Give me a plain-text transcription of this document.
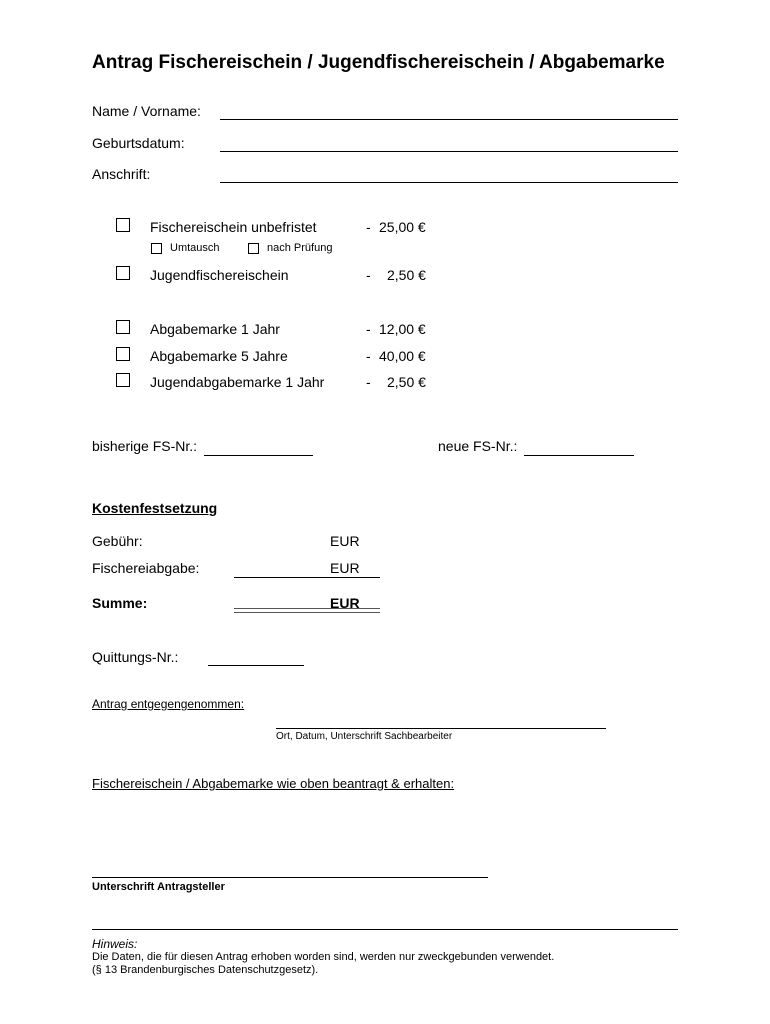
Antrag Fischereischein / Jugendfischereischein / Abgabemarke
Name / Vorname:
Geburtsdatum:
Anschrift:
Fischereischein unbefristet	- 25,00 €
Umtausch	nach Prüfung
Jugendfischereischein	- 2,50 €
Abgabemarke 1 Jahr	- 12,00 €
Abgabemarke 5 Jahre	- 40,00 €
Jugendabgabemarke 1 Jahr	- 2,50 €
bisherige FS-Nr.:	neue FS-Nr.:
Kostenfestsetzung
Gebühr:	EUR
Fischereiabgabe:	EUR
Summe:	EUR
Quittungs-Nr.:
Antrag entgegengenommen:
Ort, Datum, Unterschrift Sachbearbeiter
Fischereischein / Abgabemarke wie oben beantragt & erhalten:
Unterschrift Antragsteller
Hinweis:
Die Daten, die für diesen Antrag erhoben worden sind, werden nur zweckgebunden verwendet.
(§ 13 Brandenburgisches Datenschutzgesetz).
